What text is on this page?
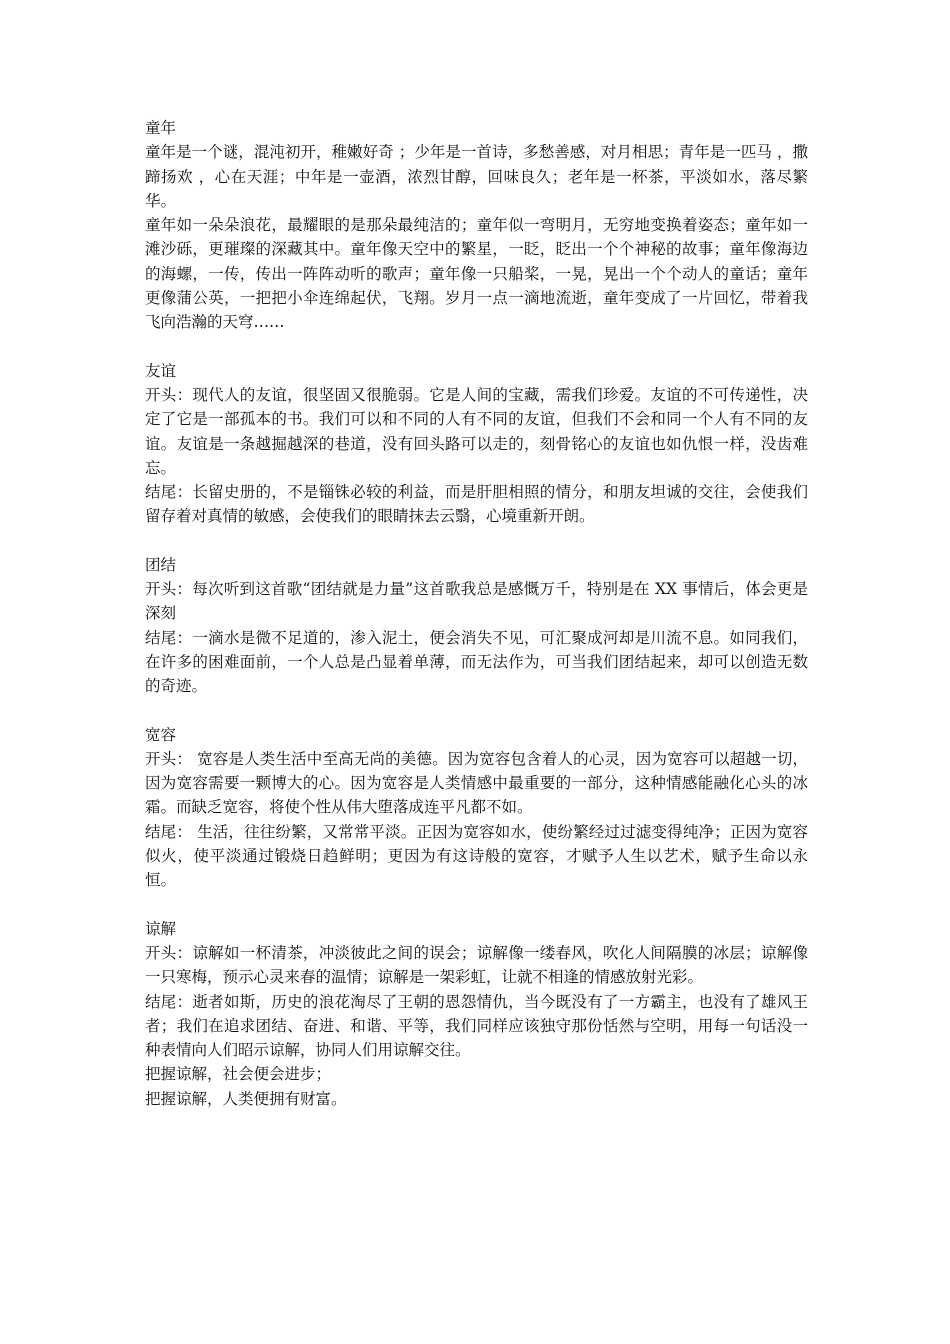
童年

童年是一个谜，混沌初开，稚嫩好奇 ；少年是一首诗，多愁善感，对月相思；青年是一匹马 ，撒蹄扬欢 ，心在天涯；中年是一壶酒，浓烈甘醇，回味良久；老年是一杯茶，平淡如水，落尽繁华。

童年如一朵朵浪花，最耀眼的是那朵最纯洁的；童年似一弯明月，无穷地变换着姿态；童年如一滩沙砾，更璀璨的深藏其中。童年像天空中的繁星，一眨，眨出一个个神秘的故事；童年像海边的海螺，一传，传出一阵阵动听的歌声；童年像一只船桨，一晃，晃出一个个动人的童话；童年更像蒲公英，一把把小伞连绵起伏，飞翔。岁月一点一滴地流逝，童年变成了一片回忆，带着我飞向浩瀚的天穹……

友谊

开头：现代人的友谊，很坚固又很脆弱。它是人间的宝藏，需我们珍爱。友谊的不可传递性，决定了它是一部孤本的书。我们可以和不同的人有不同的友谊，但我们不会和同一个人有不同的友谊。友谊是一条越掘越深的巷道，没有回头路可以走的，刻骨铭心的友谊也如仇恨一样，没齿难忘。

结尾：长留史册的，不是锱铢必较的利益，而是肝胆相照的情分，和朋友坦诚的交往，会使我们留存着对真情的敏感，会使我们的眼睛抹去云翳，心境重新开朗。

团结

开头：每次听到这首歌“团结就是力量”这首歌我总是感慨万千，特别是在 XX 事情后，体会更是深刻

结尾：一滴水是微不足道的，渗入泥土，便会消失不见，可汇聚成河却是川流不息。如同我们，在许多的困难面前，一个人总是凸显着单薄，而无法作为，可当我们团结起来，却可以创造无数的奇迹。

宽容

开头： 宽容是人类生活中至高无尚的美德。因为宽容包含着人的心灵，因为宽容可以超越一切，因为宽容需要一颗博大的心。因为宽容是人类情感中最重要的一部分，这种情感能融化心头的冰霜。而缺乏宽容，将使个性从伟大堕落成连平凡都不如。

结尾： 生活，往往纷繁，又常常平淡。正因为宽容如水，使纷繁经过过滤变得纯净；正因为宽容似火，使平淡通过锻烧日趋鲜明；更因为有这诗般的宽容，才赋予人生以艺术，赋予生命以永恒。

谅解

开头：谅解如一杯清茶，冲淡彼此之间的误会；谅解像一缕春风，吹化人间隔膜的冰层；谅解像一只寒梅，预示心灵来春的温情；谅解是一架彩虹，让就不相逢的情感放射光彩。

结尾：逝者如斯，历史的浪花淘尽了王朝的恩怨情仇，当今既没有了一方霸主，也没有了雄风王者；我们在追求团结、奋进、和谐、平等，我们同样应该独守那份恬然与空明，用每一句话没一种表情向人们昭示谅解，协同人们用谅解交往。

把握谅解，社会便会进步；

把握谅解，人类便拥有财富。
